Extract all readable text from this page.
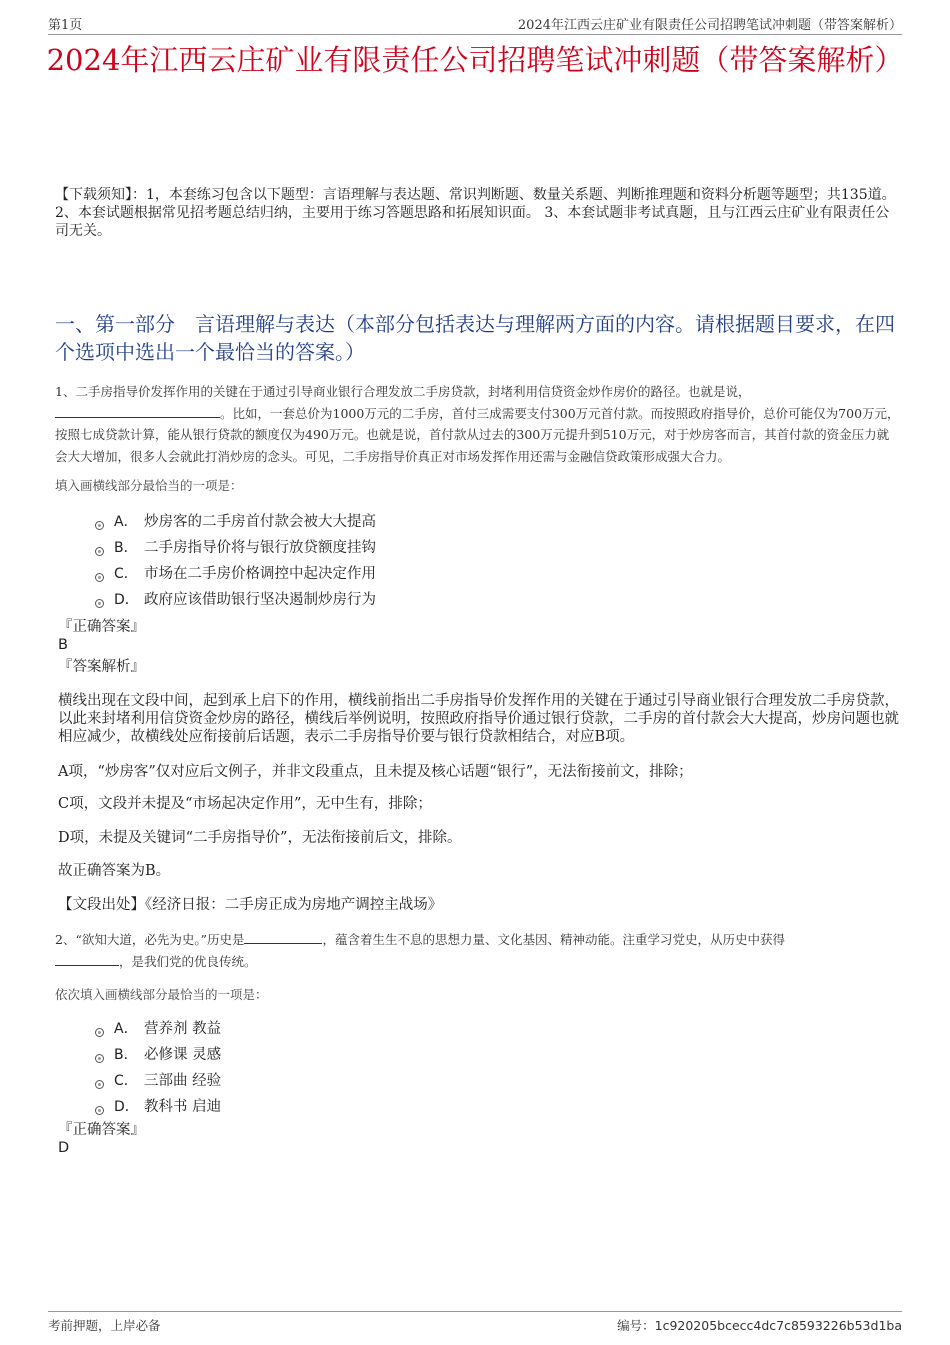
第1页	2024年江西云庄矿业有限责任公司招聘笔试冲刺题（带答案解析）
2024年江西云庄矿业有限责任公司招聘笔试冲刺题（带答案解析）
【下载须知】：1，本套练习包含以下题型：言语理解与表达题、常识判断题、数量关系题、判断推理题和资料分析题等题型；共135道。 2、本套试题根据常见招考题总结归纳，主要用于练习答题思路和拓展知识面。 3、本套试题非考试真题，且与江西云庄矿业有限责任公司无关。
一、第一部分　言语理解与表达（本部分包括表达与理解两方面的内容。请根据题目要求，在四个选项中选出一个最恰当的答案。）
1、二手房指导价发挥作用的关键在于通过引导商业银行合理发放二手房贷款，封堵利用信贷资金炒作房价的路径。也就是说，
。比如，一套总价为1000万元的二手房，首付三成需要支付300万元首付款。而按照政府指导价，总价可能仅为700万元，按照七成贷款计算，能从银行贷款的额度仅为490万元。也就是说，首付款从过去的300万元提升到510万元，对于炒房客而言，其首付款的资金压力就会大大增加，很多人会就此打消炒房的念头。可见，二手房指导价真正对市场发挥作用还需与金融信贷政策形成强大合力。
填入画横线部分最恰当的一项是：
A． 炒房客的二手房首付款会被大大提高
B． 二手房指导价将与银行放贷额度挂钩
C． 市场在二手房价格调控中起决定作用
D． 政府应该借助银行坚决遏制炒房行为
『正确答案』
B
『答案解析』
横线出现在文段中间，起到承上启下的作用，横线前指出二手房指导价发挥作用的关键在于通过引导商业银行合理发放二手房贷款，以此来封堵利用信贷资金炒房的路径，横线后举例说明，按照政府指导价通过银行贷款，二手房的首付款会大大提高，炒房问题也就相应减少，故横线处应衔接前后话题，表示二手房指导价要与银行贷款相结合，对应B项。
A项，“炒房客”仅对应后文例子，并非文段重点，且未提及核心话题“银行”，无法衔接前文，排除；
C项，文段并未提及“市场起决定作用”，无中生有，排除；
D项，未提及关键词“二手房指导价”，无法衔接前后文，排除。
故正确答案为B。
【文段出处】《经济日报：二手房正成为房地产调控主战场》
2、“欲知大道，必先为史。”历史是	，蕴含着生生不息的思想力量、文化基因、精神动能。注重学习党史，从历史中获得
，是我们党的优良传统。
依次填入画横线部分最恰当的一项是：
A． 营养剂 教益
B． 必修课 灵感
C． 三部曲 经验
D． 教科书 启迪
『正确答案』
D
考前押题，上岸必备	编号：1c920205bcecc4dc7c8593226b53d1ba
